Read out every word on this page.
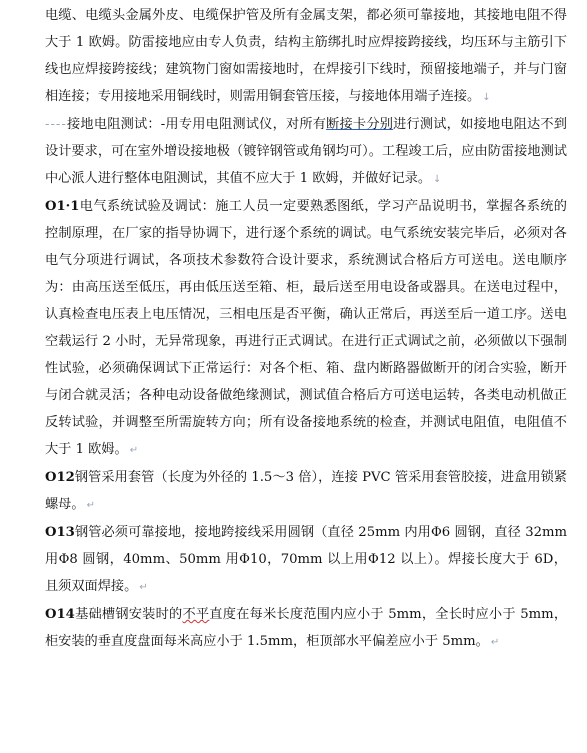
电缆、电缆头金属外皮、电缆保护管及所有金属支架，都必须可靠接地，其接地电阻不得大于 1 欧姆。防雷接地应由专人负责，结构主筋绑扎时应焊接跨接线，均压环与主筋引下线也应焊接跨接线；建筑物门窗如需接地时，在焊接引下线时，预留接地端子，并与门窗相连接；专用接地采用铜线时，则需用铜套管压接，与接地体用端子连接。 ↓

----接地电阻测试：-用专用电阻测试仪，对所有断接卡分别进行测试，如接地电阻达不到设计要求，可在室外增设接地极（镀锌钢管或角钢均可）。工程竣工后，应由防雷接地测试中心派人进行整体电阻测试，其值不应大于 1 欧姆，并做好记录。 ↓

O1·1电气系统试验及调试：施工人员一定要熟悉图纸，学习产品说明书，掌握各系统的控制原理，在厂家的指导协调下，进行逐个系统的调试。电气系统安装完毕后，必须对各电气分项进行调试，各项技术参数符合设计要求，系统测试合格后方可送电。送电顺序为：由高压送至低压，再由低压送至箱、柜，最后送至用电设备或器具。在送电过程中，认真检查电压表上电压情况，三相电压是否平衡，确认正常后，再送至后一道工序。送电空载运行 2 小时，无异常现象，再进行正式调试。在进行正式调试之前，必须做以下强制性试验，必须确保调试下正常运行：对各个柜、箱、盘内断路器做断开的闭合实验，断开与闭合就灵活；各种电动设备做绝缘测试，测试值合格后方可送电运转，各类电动机做正反转试验，并调整至所需旋转方向；所有设备接地系统的检查，并测试电阻值，电阻值不大于 1 欧姆。 ↵

O12钢管采用套管（长度为外径的 1.5～3 倍），连接 PVC 管采用套管胶接，进盒用锁紧螺母。 ↵

O13钢管必须可靠接地，接地跨接线采用圆钢（直径 25mm 内用Φ6 圆钢，直径 32mm 用Φ8 圆钢，40mm、50mm 用Φ10，70mm 以上用Φ12 以上）。焊接长度大于 6D，且须双面焊接。 ↵

O14基础槽钢安装时的不平直度在每米长度范围内应小于 5mm，全长时应小于 5mm，柜安装的垂直度盘面每米高应小于 1.5mm，柜顶部水平偏差应小于 5mm。 ↵
